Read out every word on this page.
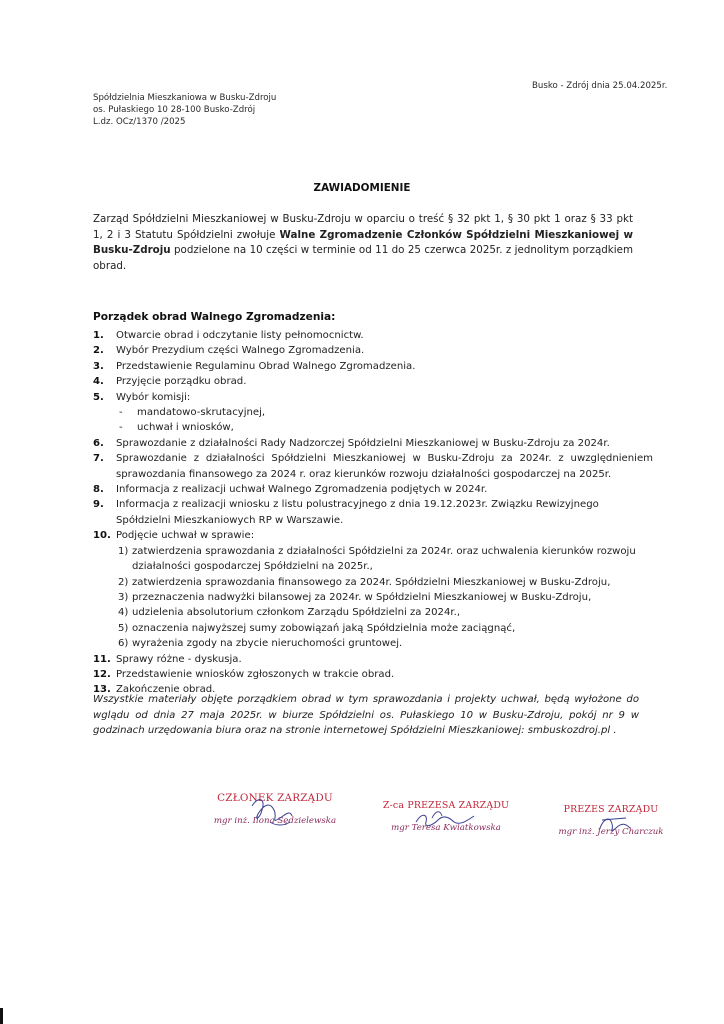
Spółdzielnia Mieszkaniowa w Busku-Zdroju
os. Pułaskiego 10 28-100 Busko-Zdrój
L.dz. OCz/1370 /2025
Busko - Zdrój dnia 25.04.2025r.
ZAWIADOMIENIE
Zarząd Spółdzielni Mieszkaniowej w Busku-Zdroju w oparciu o treść § 32 pkt 1, § 30 pkt 1 oraz § 33 pkt 1, 2 i 3 Statutu Spółdzielni zwołuje Walne Zgromadzenie Członków Spółdzielni Mieszkaniowej w Busku-Zdroju podzielone na 10 części w terminie od 11 do 25 czerwca 2025r. z jednolitym porządkiem obrad.
Porządek obrad Walnego Zgromadzenia:
1.	Otwarcie obrad i odczytanie listy pełnomocnictw.
2.	Wybór Prezydium części Walnego Zgromadzenia.
3.	Przedstawienie Regulaminu Obrad Walnego Zgromadzenia.
4.	Przyjęcie porządku obrad.
5.	Wybór komisji:
-	mandatowo-skrutacyjnej,
-	uchwał i wniosków,
6.	Sprawozdanie z działalności Rady Nadzorczej Spółdzielni Mieszkaniowej w Busku-Zdroju za 2024r.
7.	Sprawozdanie z działalności Spółdzielni Mieszkaniowej w Busku-Zdroju za 2024r. z uwzględnieniem sprawozdania finansowego za 2024 r. oraz kierunków rozwoju działalności gospodarczej na 2025r.
8.	Informacja z realizacji uchwał Walnego Zgromadzenia podjętych w 2024r.
9.	Informacja z realizacji wniosku z listu polustracyjnego z dnia 19.12.2023r. Związku Rewizyjnego Spółdzielni Mieszkaniowych RP w Warszawie.
10. Podjęcie uchwał w sprawie:
1) zatwierdzenia sprawozdania z działalności Spółdzielni za 2024r. oraz uchwalenia kierunków rozwoju działalności gospodarczej Spółdzielni na 2025r.,
2) zatwierdzenia sprawozdania finansowego za 2024r. Spółdzielni Mieszkaniowej w Busku-Zdroju,
3) przeznaczenia nadwyżki bilansowej za 2024r. w Spółdzielni Mieszkaniowej w Busku-Zdroju,
4) udzielenia absolutorium członkom Zarządu Spółdzielni za 2024r.,
5) oznaczenia najwyższej sumy zobowiązań jaką Spółdzielnia może zaciągnąć,
6) wyrażenia zgody na zbycie nieruchomości gruntowej.
11. Sprawy różne - dyskusja.
12. Przedstawienie wniosków zgłoszonych w trakcie obrad.
13. Zakończenie obrad.
Wszystkie materiały objęte porządkiem obrad w tym sprawozdania i projekty uchwał, będą wyłożone do wglądu od dnia 27 maja 2025r. w biurze Spółdzielni os. Pułaskiego 10 w Busku-Zdroju, pokój nr 9 w godzinach urzędowania biura oraz na stronie internetowej Spółdzielni Mieszkaniowej: smbuskozdroj.pl .
CZŁONEK ZARZĄDU
mgr inż. Ilona Sędzielewska
Z-ca PREZESA ZARZĄDU
mgr Teresa Kwiatkowska
PREZES ZARZĄDU
mgr inż. Jerzy Charczuk
